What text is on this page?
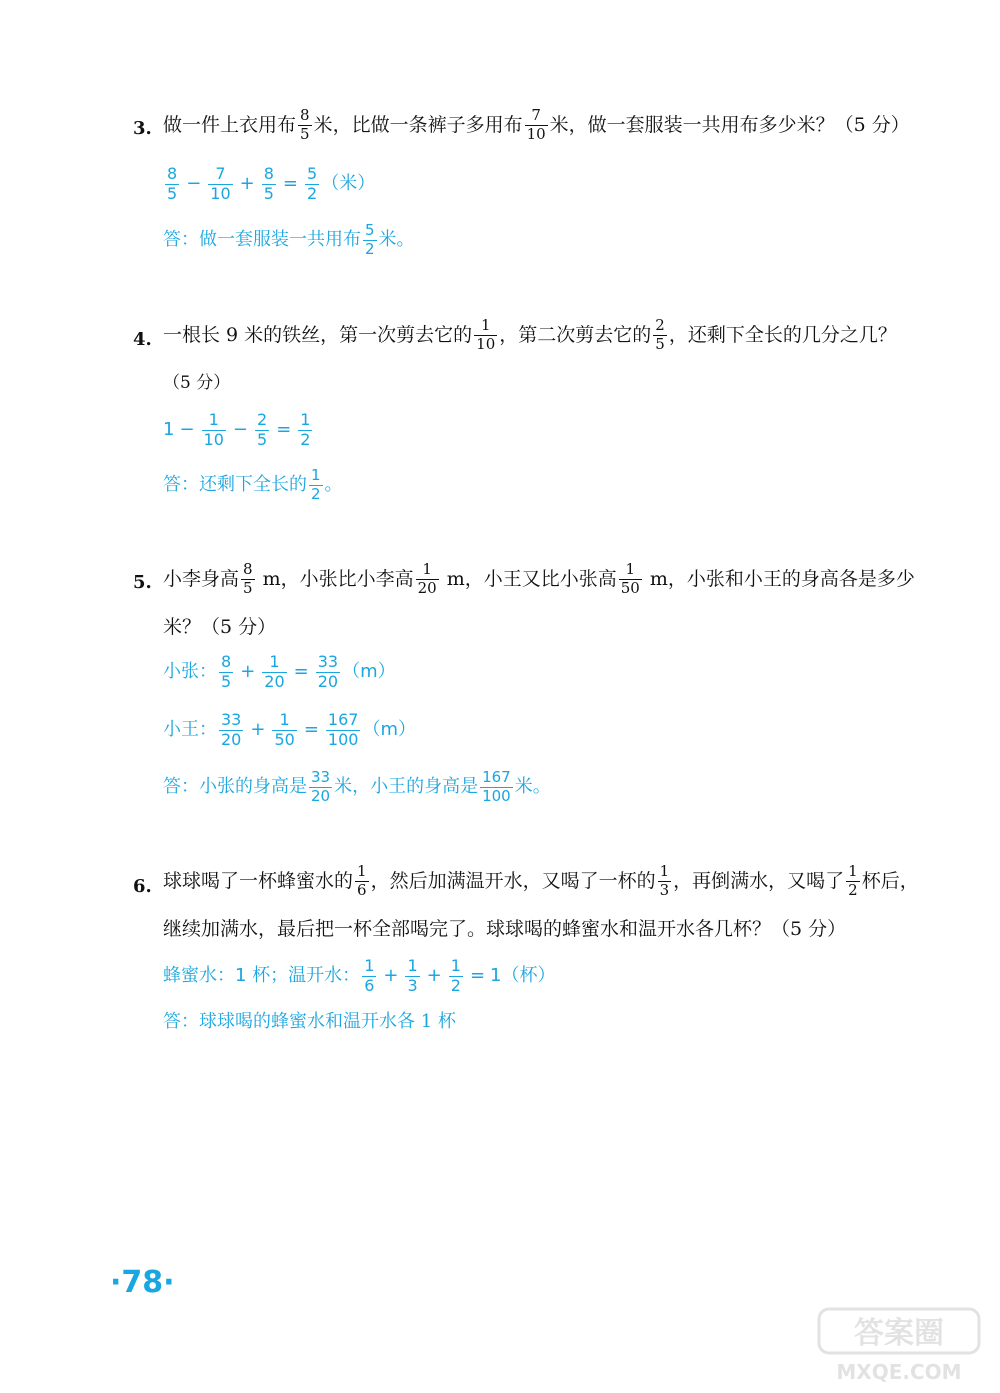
3. 做一件上衣用布 $\frac{8}{5}$ 米，比做一条裤子多用布 $\frac{7}{10}$ 米，做一套服装一共用布多少米？（5 分）
$\frac{8}{5} - \frac{7}{10} + \frac{8}{5} = \frac{5}{2}$ （米）
答：做一套服装一共用布 $\frac{5}{2}$ 米。
4. 一根长 9 米的铁丝，第一次剪去它的 $\frac{1}{10}$ ，第二次剪去它的 $\frac{2}{5}$ ，还剩下全长的几分之几？
（5 分）
$1 - \frac{1}{10} - \frac{2}{5} = \frac{1}{2}$
答：还剩下全长的 $\frac{1}{2}$ 。
5. 小李身高 $\frac{8}{5}$ m，小张比小李高 $\frac{1}{20}$ m，小王又比小张高 $\frac{1}{50}$ m，小张和小王的身高各是多少
米？（5 分）
小张： $\frac{8}{5} + \frac{1}{20} = \frac{33}{20} (m)$
小王： $\frac{33}{20} + \frac{1}{50} = \frac{167}{100} (m)$
答：小张的身高是 $\frac{33}{20}$ 米，小王的身高是 $\frac{167}{100}$ 米。
6. 球球喝了一杯蜂蜜水的 $\frac{1}{6}$ ，然后加满温开水，又喝了一杯的 $\frac{1}{3}$ ，再倒满水，又喝了 $\frac{1}{2}$ 杯后，
继续加满水，最后把一杯全部喝完了。球球喝的蜂蜜水和温开水各几杯？（5 分）
蜂蜜水：1 杯；温开水： $\frac{1}{6} + \frac{1}{3} + \frac{1}{2} = 1$（杯）
答：球球喝的蜂蜜水和温开水各 1 杯
·78·
答案圈
MXQE.COM
